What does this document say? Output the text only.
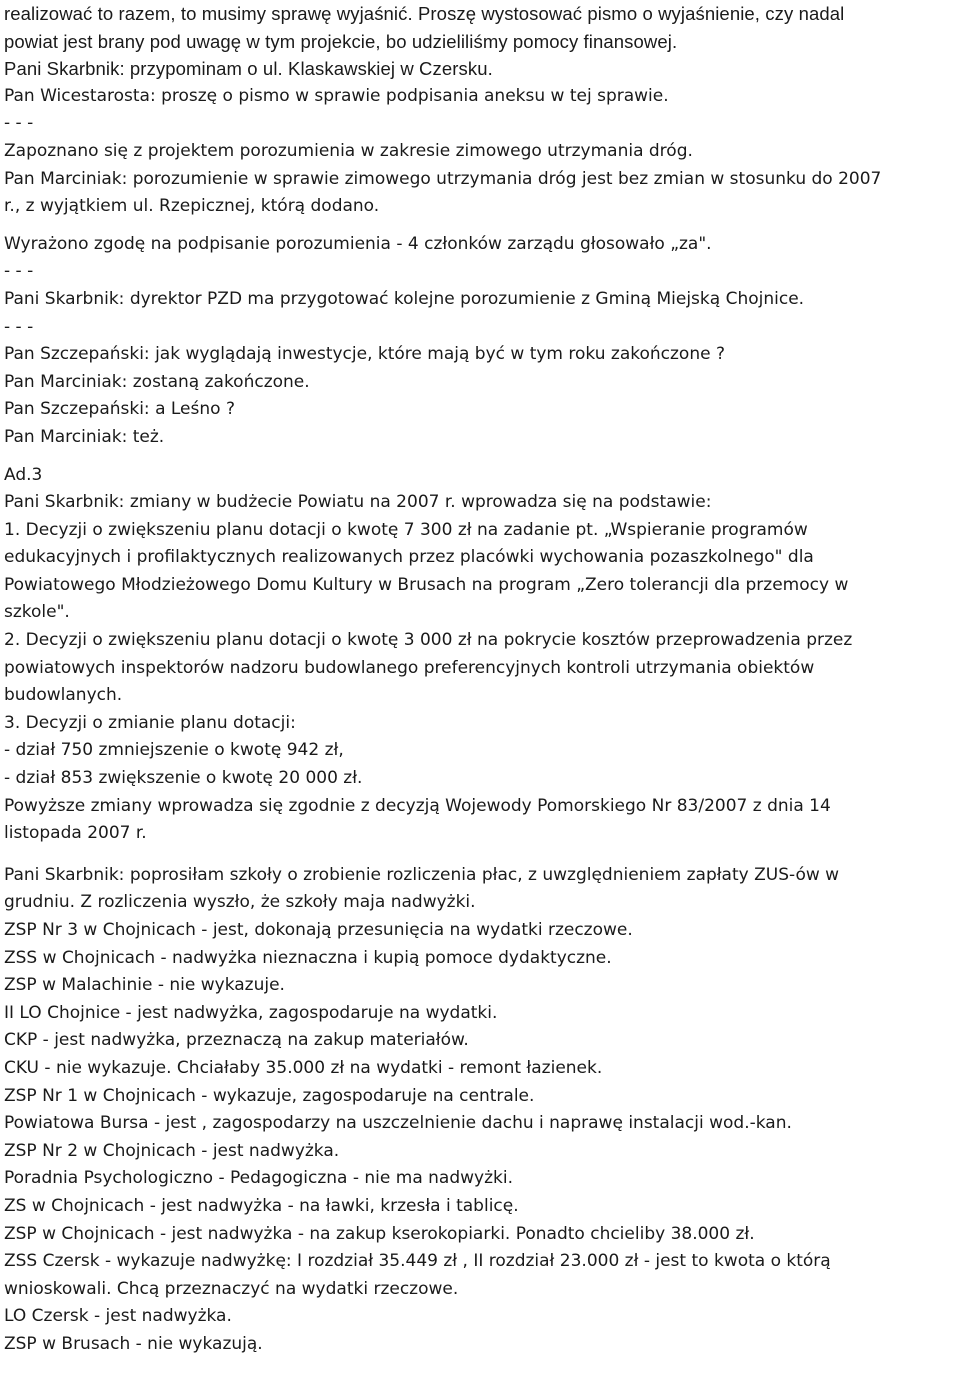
realizować to razem, to musimy sprawę wyjaśnić. Proszę wystosować pismo o wyjaśnienie, czy nadal

powiat jest brany pod uwagę w tym projekcie, bo udzieliliśmy pomocy finansowej.

Pani Skarbnik: przypominam o ul. Klaskawskiej w Czersku.

Pan Wicestarosta: proszę o pismo w sprawie podpisania aneksu w tej sprawie.

- - -

Zapoznano się z projektem porozumienia w zakresie zimowego utrzymania dróg.

Pan Marciniak: porozumienie w sprawie zimowego utrzymania dróg jest bez zmian w stosunku do 2007

r., z wyjątkiem ul. Rzepicznej, którą dodano.

Wyrażono zgodę na podpisanie porozumienia - 4 członków zarządu głosowało „za".

- - -

Pani Skarbnik: dyrektor PZD ma przygotować kolejne porozumienie z Gminą Miejską Chojnice.

- - -

Pan Szczepański: jak wyglądają inwestycje, które mają być w tym roku zakończone ?

Pan Marciniak: zostaną zakończone.

Pan Szczepański: a Leśno ?

Pan Marciniak: też.

Ad.3

Pani Skarbnik: zmiany w budżecie Powiatu na 2007 r. wprowadza się na podstawie:

1. Decyzji o zwiększeniu planu dotacji o kwotę 7 300 zł na zadanie pt. „Wspieranie programów

edukacyjnych i profilaktycznych realizowanych przez placówki wychowania pozaszkolnego" dla

Powiatowego Młodzieżowego Domu Kultury w Brusach na program „Zero tolerancji dla przemocy w

szkole".

2. Decyzji o zwiększeniu planu dotacji o kwotę 3 000 zł na pokrycie kosztów przeprowadzenia przez

powiatowych inspektorów nadzoru budowlanego preferencyjnych kontroli utrzymania obiektów

budowlanych.

3. Decyzji o zmianie planu dotacji:

- dział 750 zmniejszenie o kwotę 942 zł,

- dział 853 zwiększenie o kwotę 20 000 zł.

Powyższe zmiany wprowadza się zgodnie z decyzją Wojewody Pomorskiego Nr 83/2007 z dnia 14

listopada 2007 r.

Pani Skarbnik: poprosiłam szkoły o zrobienie rozliczenia płac, z uwzględnieniem zapłaty ZUS-ów w

grudniu. Z rozliczenia wyszło, że szkoły maja nadwyżki.

ZSP Nr 3 w Chojnicach - jest, dokonają przesunięcia na wydatki rzeczowe.

ZSS w Chojnicach - nadwyżka nieznaczna i kupią pomoce dydaktyczne.

ZSP w Malachinie - nie wykazuje.

II LO Chojnice - jest nadwyżka, zagospodaruje na wydatki.

CKP - jest nadwyżka, przeznaczą na zakup materiałów.

CKU - nie wykazuje. Chciałaby 35.000 zł na wydatki - remont łazienek.

ZSP Nr 1 w Chojnicach - wykazuje, zagospodaruje na centrale.

Powiatowa Bursa - jest , zagospodarzy na uszczelnienie dachu i naprawę instalacji wod.-kan.

ZSP Nr 2 w Chojnicach - jest nadwyżka.

Poradnia Psychologiczno - Pedagogiczna - nie ma nadwyżki.

ZS w Chojnicach - jest nadwyżka - na ławki, krzesła i tablicę.

ZSP w Chojnicach - jest nadwyżka - na zakup kserokopiarki. Ponadto chcieliby 38.000 zł.

ZSS Czersk - wykazuje nadwyżkę: I rozdział 35.449 zł , II rozdział 23.000 zł - jest to kwota o którą

wnioskowali. Chcą przeznaczyć na wydatki rzeczowe.

LO Czersk - jest nadwyżka.

ZSP w Brusach - nie wykazują.
